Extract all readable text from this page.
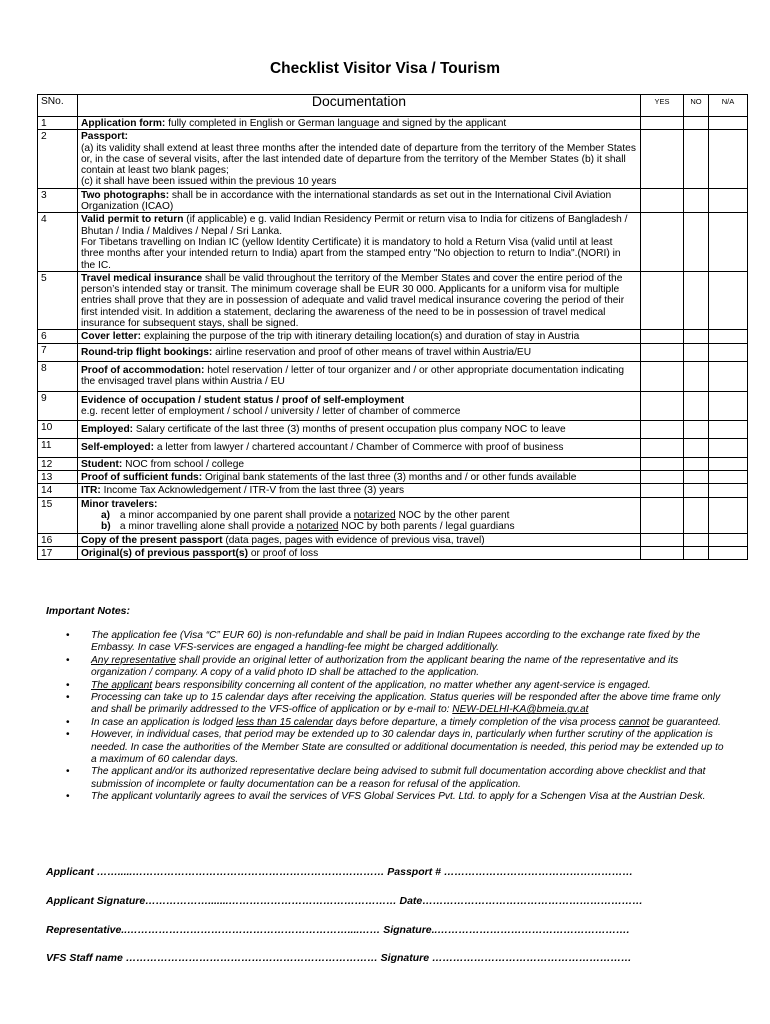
Checklist Visitor Visa / Tourism
SNo.	Documentation	YES	NO	N/A
1	Application form: fully completed in English or German language and signed by the applicant			

2	Passport:
(a) its validity shall extend at least three months after the intended date of departure from the territory of the Member States or, in the case of several visits, after the last intended date of departure from the territory of the Member States (b) it shall contain at least two blank pages;
(c) it shall have been issued within the previous 10 years			

3	Two photographs: shall be in accordance with the international standards as set out in the International Civil Aviation Organization (ICAO)			

4	Valid permit to return (if applicable) e g. valid Indian Residency Permit or return visa to India for citizens of Bangladesh / Bhutan / India / Maldives / Nepal / Sri Lanka.
For Tibetans travelling on Indian IC (yellow Identity Certificate) it is mandatory to hold a Return Visa (valid until at least three months after your intended return to India) apart from the stamped entry "No objection to return to India".(NORI) in the IC.			

5	Travel medical insurance shall be valid throughout the territory of the Member States and cover the entire period of the person’s intended stay or transit. The minimum coverage shall be EUR 30 000. Applicants for a uniform visa for multiple entries shall prove that they are in possession of adequate and valid travel medical insurance covering the period of their first intended visit. In addition a statement, declaring the awareness of the need to be in possession of travel medical insurance for subsequent stays, shall be signed.			

6	Cover letter: explaining the purpose of the trip with itinerary detailing location(s) and duration of stay in Austria			

7	Round-trip flight bookings: airline reservation and proof of other means of travel within Austria/EU			

8	Proof of accommodation: hotel reservation / letter of tour organizer and / or other appropriate documentation indicating the envisaged travel plans within Austria / EU			

9	Evidence of occupation / student status / proof of self-employment
e.g. recent letter of employment / school / university / letter of chamber of commerce			

10	Employed: Salary certificate of the last three (3) months of present occupation plus company NOC to leave			

11	Self-employed: a letter from lawyer / chartered accountant / Chamber of Commerce with proof of business			

12	Student: NOC from school / college			

13	Proof of sufficient funds: Original bank statements of the last three (3) months and / or other funds available			

14	ITR: Income Tax Acknowledgement / ITR-V from the last three (3) years			

15	Minor travelers:
a) a minor accompanied by one parent shall provide a notarized NOC by the other parent
b) a minor travelling alone shall provide a notarized NOC by both parents / legal guardians			

16	Copy of the present passport (data pages, pages with evidence of previous visa, travel)			

17	Original(s) of previous passport(s) or proof of loss			

Important Notes:
• The application fee (Visa “C” EUR 60) is non-refundable and shall be paid in Indian Rupees according to the exchange rate fixed by the Embassy. In case VFS-services are engaged a handling-fee might be charged additionally.
• Any representative shall provide an original letter of authorization from the applicant bearing the name of the representative and its organization / company. A copy of a valid photo ID shall be attached to the application.
• The applicant bears responsibility concerning all content of the application, no matter whether any agent-service is engaged.
• Processing can take up to 15 calendar days after receiving the application. Status queries will be responded after the above time frame only and shall be primarily addressed to the VFS-office of application or by e-mail to: NEW-DELHI-KA@bmeia.gv.at
• In case an application is lodged less than 15 calendar days before departure, a timely completion of the visa process cannot be guaranteed.
• However, in individual cases, that period may be extended up to 30 calendar days in, particularly when further scrutiny of the application is needed. In case the authorities of the Member State are consulted or additional documentation is needed, this period may be extended up to a maximum of 60 calendar days.
• The applicant and/or its authorized representative declare being advised to submit full documentation according above checklist and that submission of incomplete or faulty documentation can be a reason for refusal of the application.
• The applicant voluntarily agrees to avail the services of VFS Global Services Pvt. Ltd. to apply for a Schengen Visa at the Austrian Desk.
Applicant …….....……………………………………………………………… Passport # ………………………………………………
Applicant Signature……………….......………………………………………… Date………………………………………………………
Representative..………………………………………………………....…… Signature..……………………………………………….
VFS Staff name ……………………………………………………………… Signature …………………………………………………
